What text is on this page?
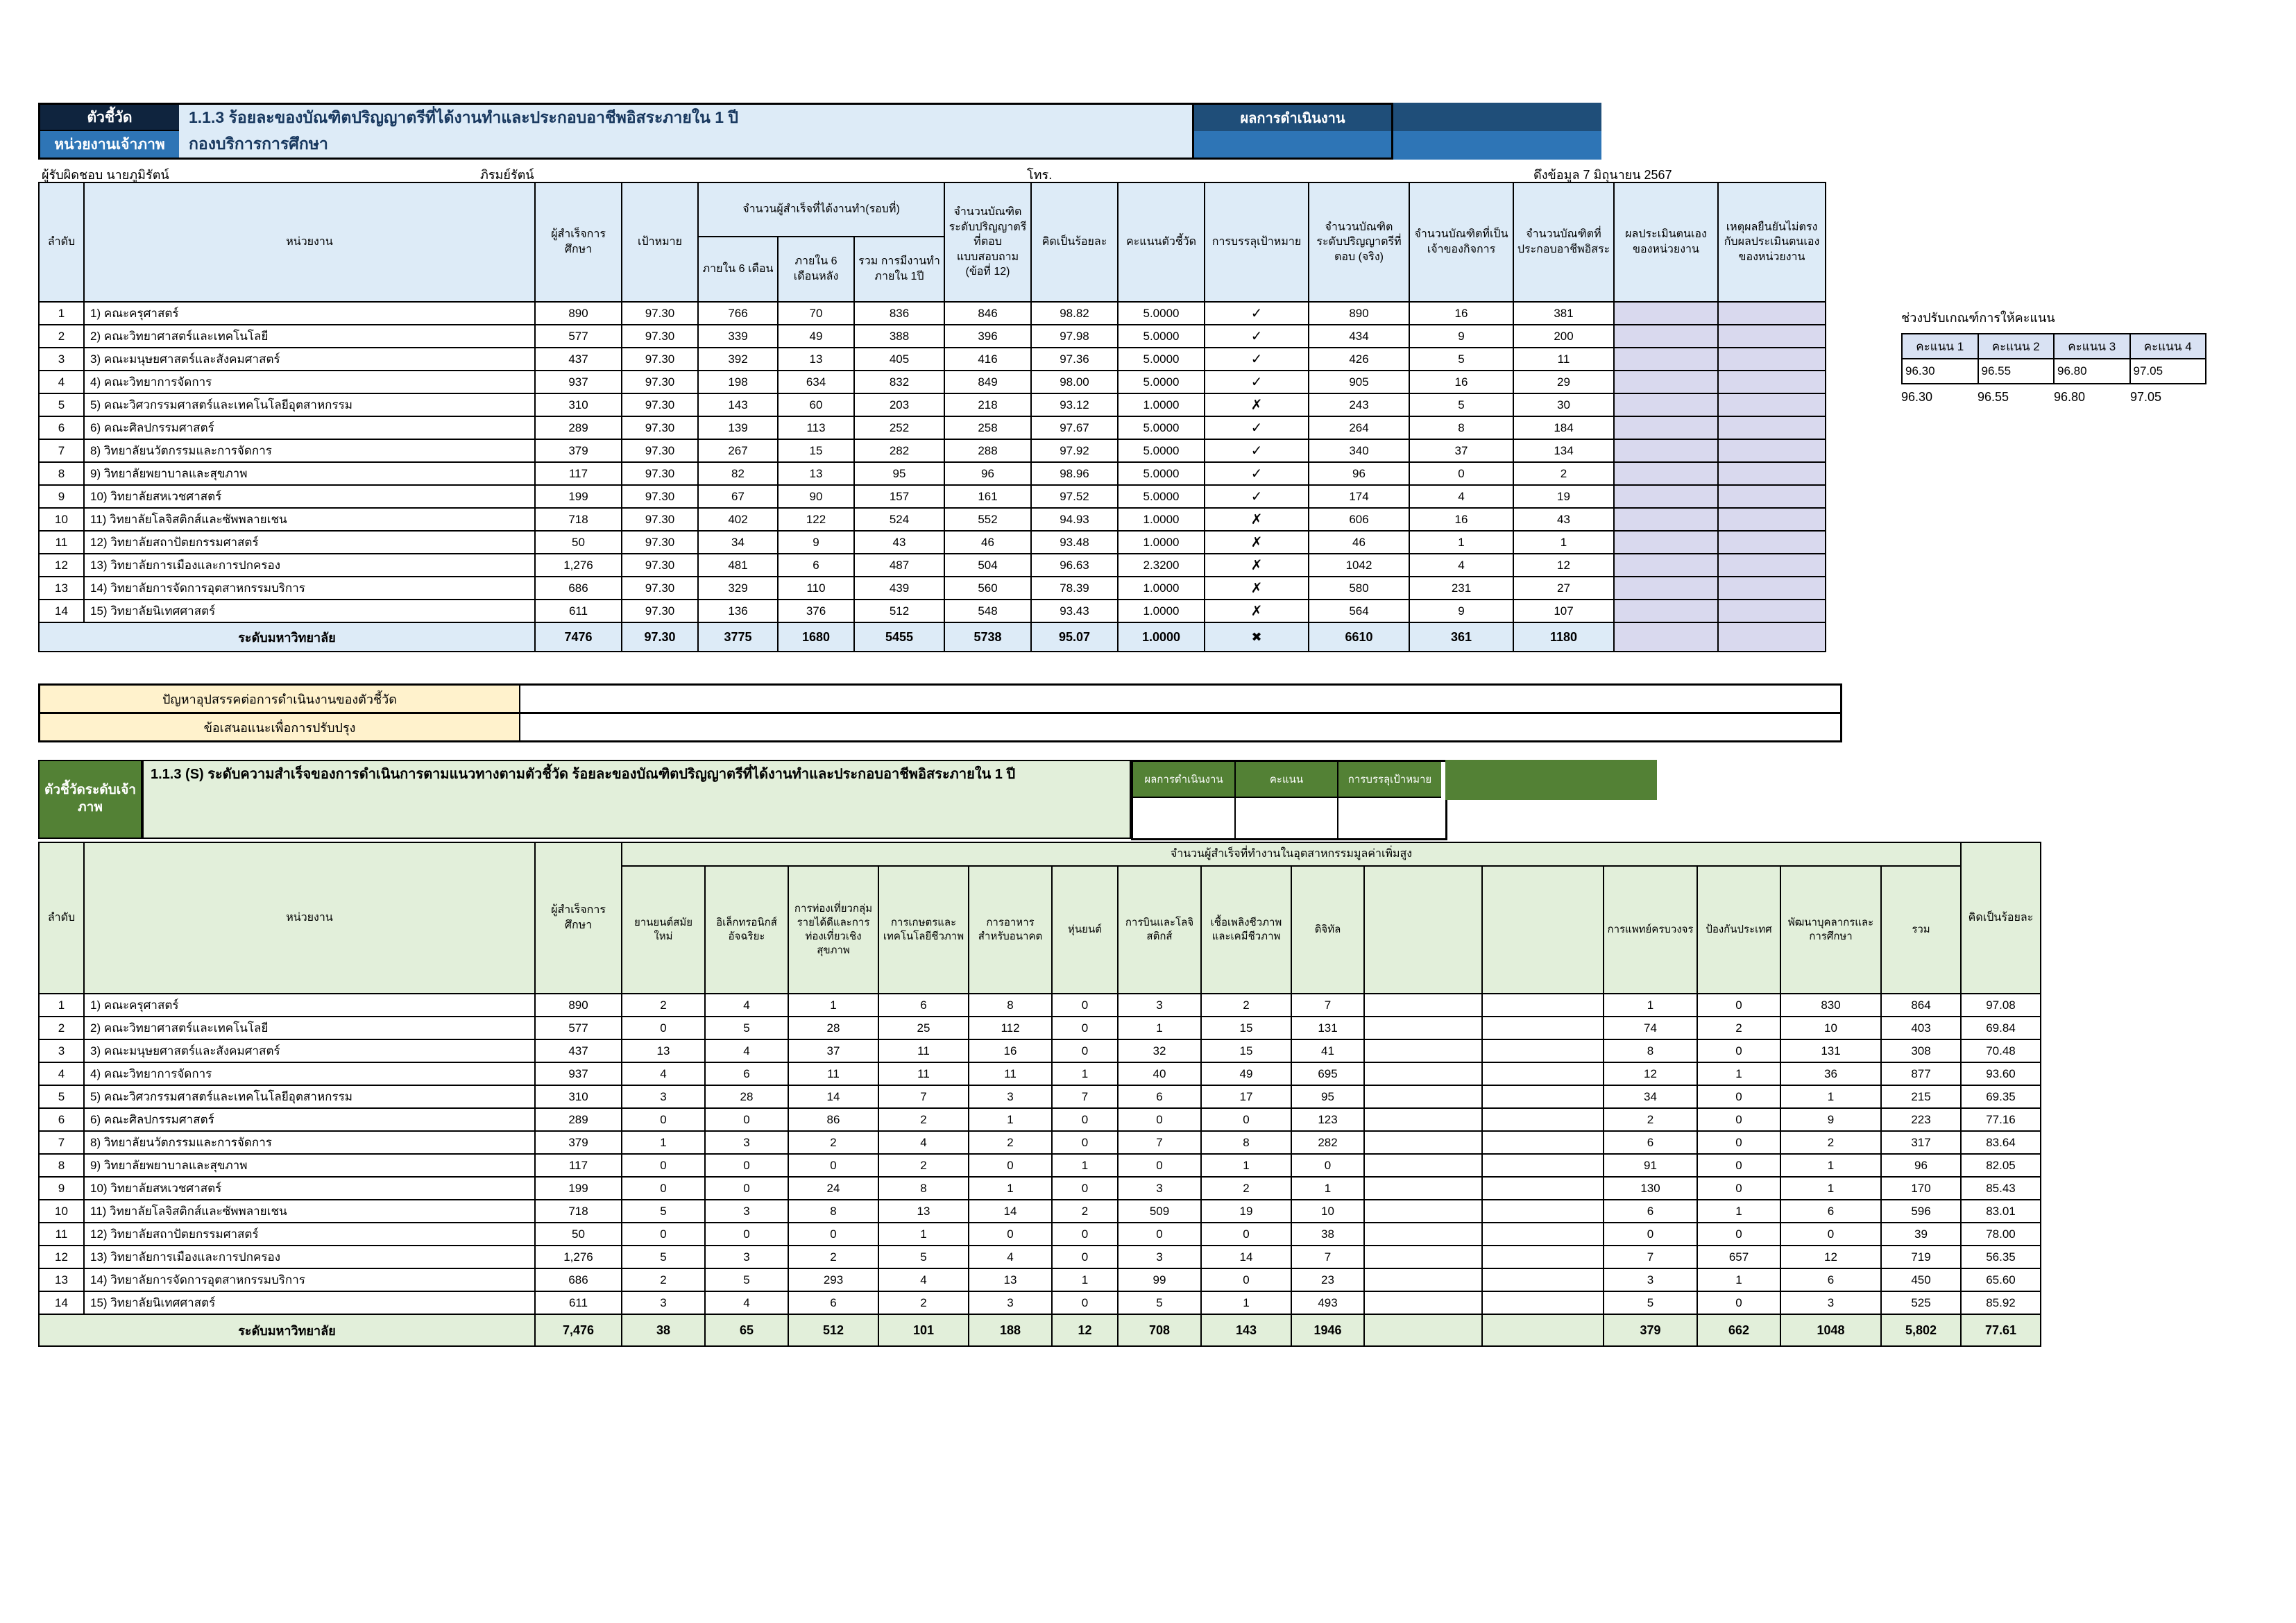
ตัวชี้วัด	1.1.3 ร้อยละของบัณฑิตปริญญาตรีที่ได้งานทำและประกอบอาชีพอิสระภายใน 1 ปี
หน่วยงานเจ้าภาพ	กองบริการการศึกษา
ผลการดำเนินงาน
ผู้รับผิดชอบ นายภูมิรัตน์	ภิรมย์รัตน์	โทร.	ดึงข้อมูล 7 มิถุนายน 2567
ลำดับ	หน่วยงาน	ผู้สำเร็จการศึกษา	เป้าหมาย	จำนวนผู้สำเร็จที่ได้งานทำ(รอบที่)			จำนวนบัณฑิตระดับปริญญาตรีที่ตอบแบบสอบถาม (ข้อที่ 12)	คิดเป็นร้อยละ	คะแนนตัวชี้วัด	การบรรลุเป้าหมาย	จำนวนบัณฑิตระดับปริญญาตรีที่ตอบ (จริง)	จำนวนบัณฑิตที่เป็นเจ้าของกิจการ	จำนวนบัณฑิตที่ประกอบอาชีพอิสระ	ผลประเมินตนเองของหน่วยงาน	เหตุผลยืนยันไม่ตรงกับผลประเมินตนเองของหน่วยงาน
				ภายใน 6 เดือน	ภายใน 6 เดือนหลัง	รวม การมีงานทำภายใน 1ปี									
1	1) คณะครุศาสตร์	890	97.30	766	70	836	846	98.82	5.0000	✓	890	16	381		
2	2) คณะวิทยาศาสตร์และเทคโนโลยี	577	97.30	339	49	388	396	97.98	5.0000	✓	434	9	200		
3	3) คณะมนุษยศาสตร์และสังคมศาสตร์	437	97.30	392	13	405	416	97.36	5.0000	✓	426	5	11		
4	4) คณะวิทยาการจัดการ	937	97.30	198	634	832	849	98.00	5.0000	✓	905	16	29		
5	5) คณะวิศวกรรมศาสตร์และเทคโนโลยีอุตสาหกรรม	310	97.30	143	60	203	218	93.12	1.0000	✗	243	5	30		
6	6) คณะศิลปกรรมศาสตร์	289	97.30	139	113	252	258	97.67	5.0000	✓	264	8	184		
7	8) วิทยาลัยนวัตกรรมและการจัดการ	379	97.30	267	15	282	288	97.92	5.0000	✓	340	37	134		
8	9) วิทยาลัยพยาบาลและสุขภาพ	117	97.30	82	13	95	96	98.96	5.0000	✓	96	0	2		
9	10) วิทยาลัยสหเวชศาสตร์	199	97.30	67	90	157	161	97.52	5.0000	✓	174	4	19		
10	11) วิทยาลัยโลจิสติกส์และซัพพลายเชน	718	97.30	402	122	524	552	94.93	1.0000	✗	606	16	43		
11	12) วิทยาลัยสถาปัตยกรรมศาสตร์	50	97.30	34	9	43	46	93.48	1.0000	✗	46	1	1		
12	13) วิทยาลัยการเมืองและการปกครอง	1,276	97.30	481	6	487	504	96.63	2.3200	✗	1042	4	12		
13	14) วิทยาลัยการจัดการอุตสาหกรรมบริการ	686	97.30	329	110	439	560	78.39	1.0000	✗	580	231	27		
14	15) วิทยาลัยนิเทศศาสตร์	611	97.30	136	376	512	548	93.43	1.0000	✗	564	9	107		
ระดับมหาวิทยาลัย		7476	97.30	3775	1680	5455	5738	95.07	1.0000	✖	6610	361	1180		
ช่วงปรับเกณฑ์การให้คะแนน
คะแนน 1	คะแนน 2	คะแนน 3	คะแนน 4
96.30	96.55	96.80	97.05
96.30	96.55	96.80	97.05
ปัญหาอุปสรรคต่อการดำเนินงานของตัวชี้วัด
ข้อเสนอแนะเพื่อการปรับปรุง
ตัวชี้วัดระดับเจ้าภาพ
1.1.3 (S) ระดับความสำเร็จของการดำเนินการตามแนวทางตามตัวชี้วัด ร้อยละของบัณฑิตปริญญาตรีที่ได้งานทำและประกอบอาชีพอิสระภายใน 1 ปี	ผลการดำเนินงาน	คะแนน	การบรรลุเป้าหมาย
ลำดับ	หน่วยงาน	ผู้สำเร็จการศึกษา	จำนวนผู้สำเร็จที่ทำงานในอุตสาหกรรมมูลค่าเพิ่มสูง															คิดเป็นร้อยละ
			ยานยนต์สมัยใหม่	อิเล็กทรอนิกส์อัจฉริยะ	การท่องเที่ยวกลุ่มรายได้ดีและการท่องเที่ยวเชิงสุขภาพ	การเกษตรและเทคโนโลยีชีวภาพ	การอาหารสำหรับอนาคต	หุ่นยนต์	การบินและโลจิสติกส์	เชื้อเพลิงชีวภาพและเคมีชีวภาพ	ดิจิทัล			การแพทย์ครบวงจร	ป้องกันประเทศ	พัฒนาบุคลากรและการศึกษา	รวม	
1	1) คณะครุศาสตร์	890	2	4	1	6	8	0	3	2	7			1	0	830	864	97.08
2	2) คณะวิทยาศาสตร์และเทคโนโลยี	577	0	5	28	25	112	0	1	15	131			74	2	10	403	69.84
3	3) คณะมนุษยศาสตร์และสังคมศาสตร์	437	13	4	37	11	16	0	32	15	41			8	0	131	308	70.48
4	4) คณะวิทยาการจัดการ	937	4	6	11	11	11	1	40	49	695			12	1	36	877	93.60
5	5) คณะวิศวกรรมศาสตร์และเทคโนโลยีอุตสาหกรรม	310	3	28	14	7	3	7	6	17	95			34	0	1	215	69.35
6	6) คณะศิลปกรรมศาสตร์	289	0	0	86	2	1	0	0	0	123			2	0	9	223	77.16
7	8) วิทยาลัยนวัตกรรมและการจัดการ	379	1	3	2	4	2	0	7	8	282			6	0	2	317	83.64
8	9) วิทยาลัยพยาบาลและสุขภาพ	117	0	0	0	2	0	1	0	1	0			91	0	1	96	82.05
9	10) วิทยาลัยสหเวชศาสตร์	199	0	0	24	8	1	0	3	2	1			130	0	1	170	85.43
10	11) วิทยาลัยโลจิสติกส์และซัพพลายเชน	718	5	3	8	13	14	2	509	19	10			6	1	6	596	83.01
11	12) วิทยาลัยสถาปัตยกรรมศาสตร์	50	0	0	0	1	0	0	0	0	38			0	0	0	39	78.00
12	13) วิทยาลัยการเมืองและการปกครอง	1,276	5	3	2	5	4	0	3	14	7			7	657	12	719	56.35
13	14) วิทยาลัยการจัดการอุตสาหกรรมบริการ	686	2	5	293	4	13	1	99	0	23			3	1	6	450	65.60
14	15) วิทยาลัยนิเทศศาสตร์	611	3	4	6	2	3	0	5	1	493			5	0	3	525	85.92
ระดับมหาวิทยาลัย		7,476	38	65	512	101	188	12	708	143	1946			379	662	1048	5,802	77.61
